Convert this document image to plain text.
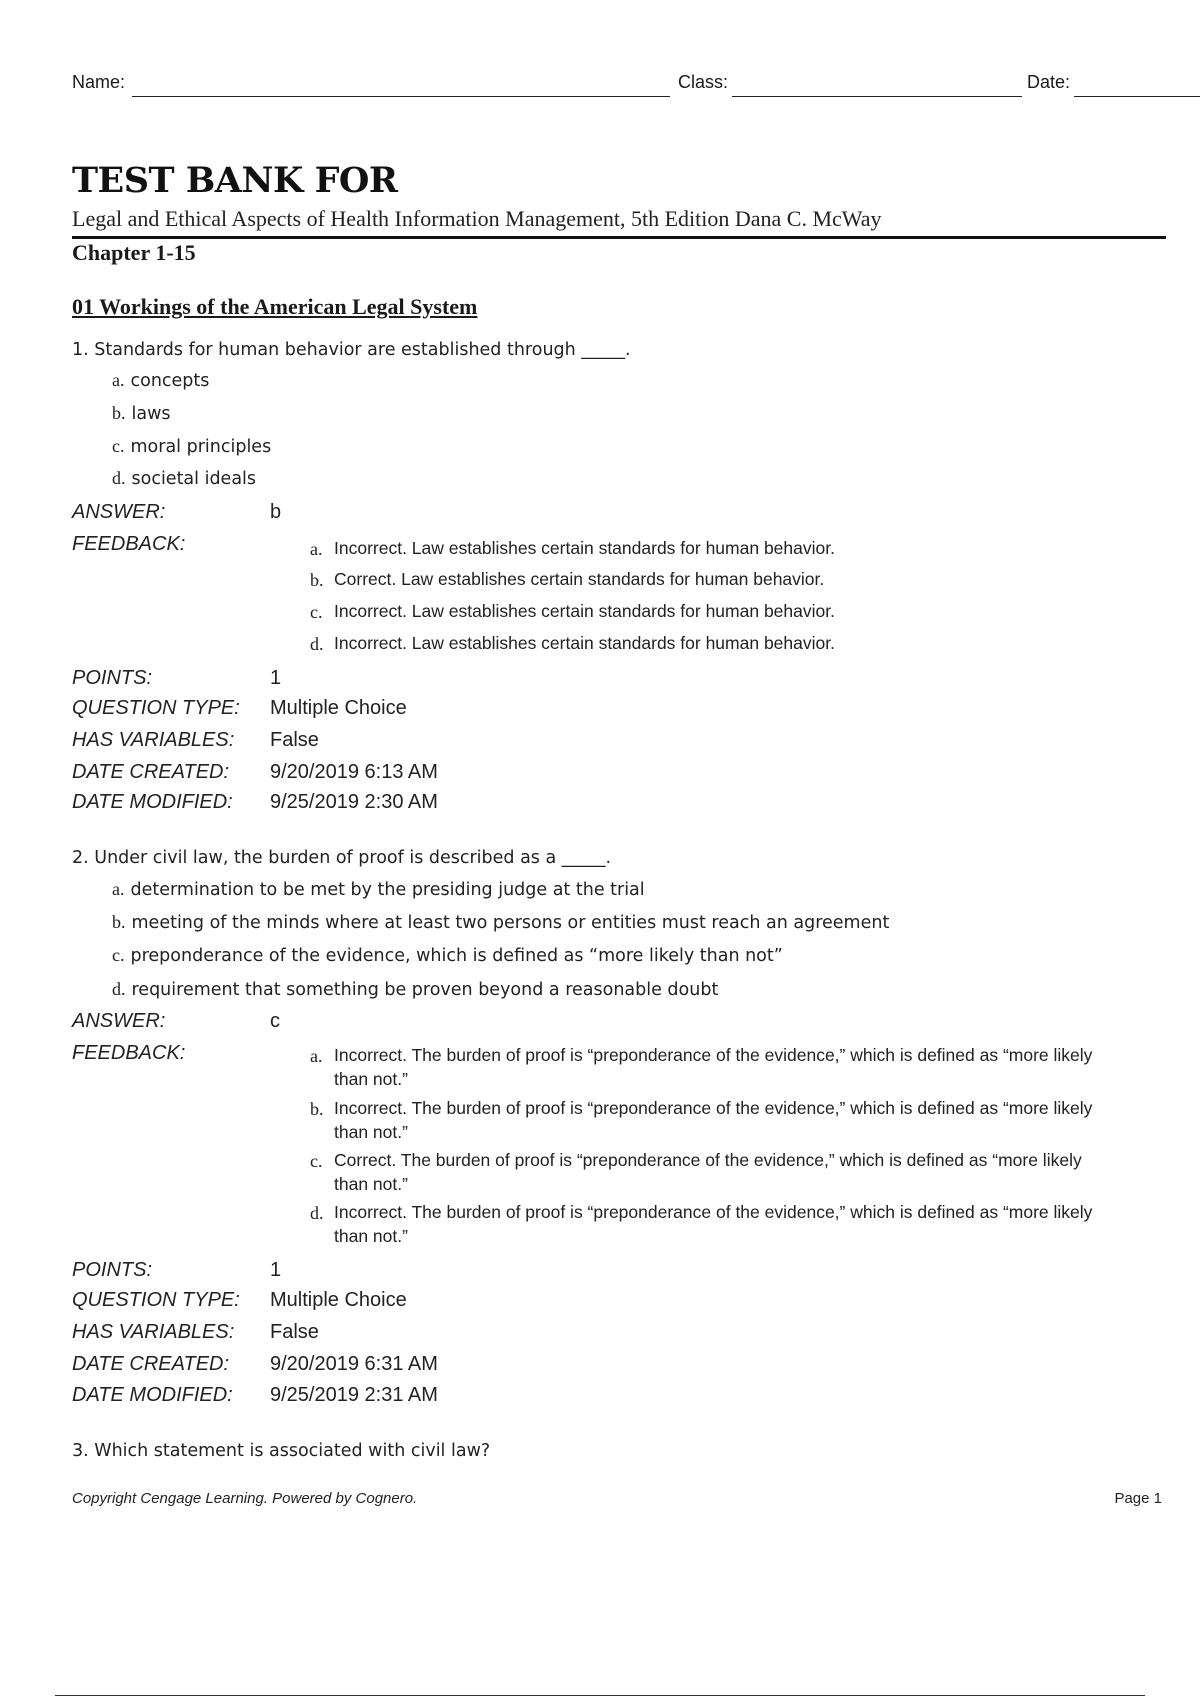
Name:	Class:	Date:
TEST BANK FOR
Legal and Ethical Aspects of Health Information Management, 5th Edition Dana C. McWay
Chapter 1-15
01 Workings of the American Legal System
1. Standards for human behavior are established through _____.
a. concepts
b. laws
c. moral principles
d. societal ideals
ANSWER:	b
FEEDBACK:	a. Incorrect. Law establishes certain standards for human behavior.
b. Correct. Law establishes certain standards for human behavior.
c. Incorrect. Law establishes certain standards for human behavior.
d. Incorrect. Law establishes certain standards for human behavior.
POINTS:	1
QUESTION TYPE: Multiple Choice
HAS VARIABLES: False
DATE CREATED: 9/20/2019 6:13 AM
DATE MODIFIED: 9/25/2019 2:30 AM
2. Under civil law, the burden of proof is described as a _____.
a. determination to be met by the presiding judge at the trial
b. meeting of the minds where at least two persons or entities must reach an agreement
c. preponderance of the evidence, which is defined as “more likely than not”
d. requirement that something be proven beyond a reasonable doubt
ANSWER:	c
FEEDBACK:	a. Incorrect. The burden of proof is “preponderance of the evidence,” which is defined as “more likely than not.”
b. Incorrect. The burden of proof is “preponderance of the evidence,” which is defined as “more likely than not.”
c. Correct. The burden of proof is “preponderance of the evidence,” which is defined as “more likely than not.”
d. Incorrect. The burden of proof is “preponderance of the evidence,” which is defined as “more likely than not.”
POINTS:	1
QUESTION TYPE: Multiple Choice
HAS VARIABLES: False
DATE CREATED: 9/20/2019 6:31 AM
DATE MODIFIED: 9/25/2019 2:31 AM
3. Which statement is associated with civil law?
Copyright Cengage Learning. Powered by Cognero.	Page 1
